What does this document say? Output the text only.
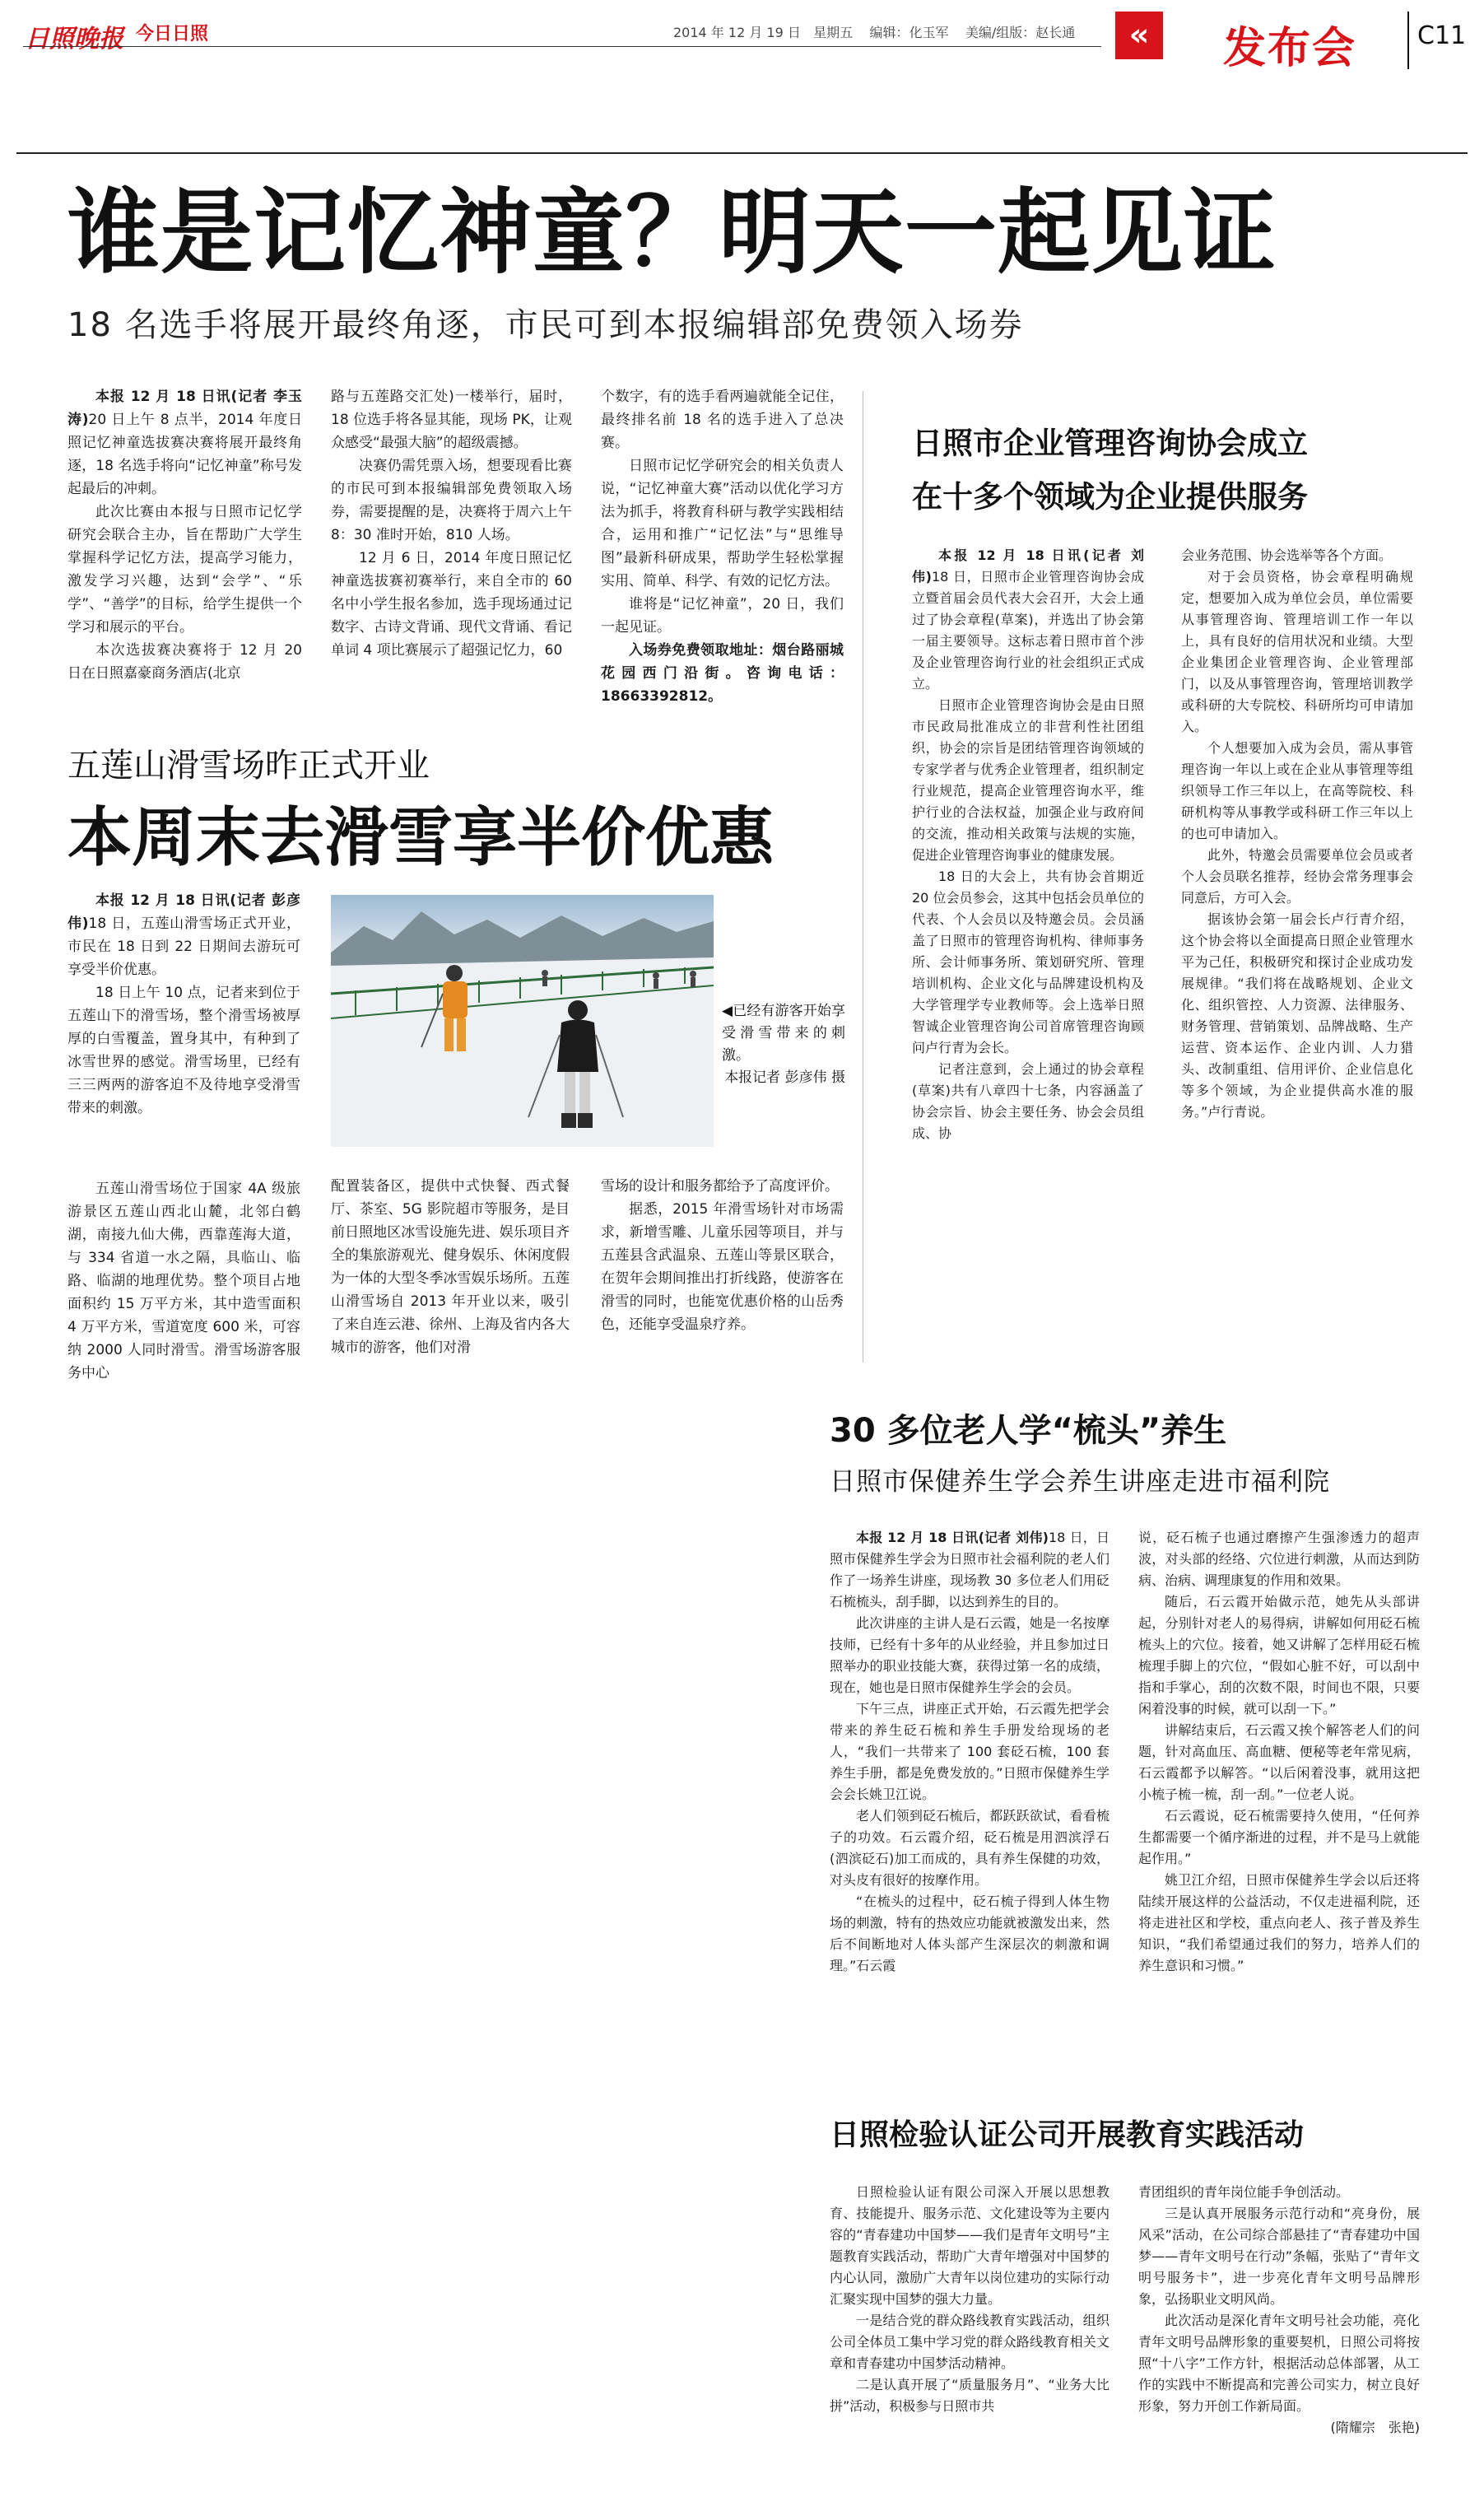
日照晚报 今日日照	2014 年 12 月 19 日 星期五 编辑：化玉军 美编/组版：赵长通	«	发布会 C11
谁是记忆神童？明天一起见证
18 名选手将展开最终角逐，市民可到本报编辑部免费领入场券

本报 12 月 18 日讯(记者 李玉涛)20 日上午 8 点半，2014 年度日照记忆神童选拔赛决赛将展开最终角逐，18 名选手将向“记忆神童”称号发起最后的冲刺。

此次比赛由本报与日照市记忆学研究会联合主办，旨在帮助广大学生掌握科学记忆方法，提高学习能力，激发学习兴趣，达到“会学”、“乐学”、“善学”的目标，给学生提供一个学习和展示的平台。

本次选拔赛决赛将于 12 月 20 日在日照嘉豪商务酒店(北京

路与五莲路交汇处)一楼举行，届时，18 位选手将各显其能，现场 PK，让观众感受“最强大脑”的超级震撼。

决赛仍需凭票入场，想要现看比赛的市民可到本报编辑部免费领取入场券，需要提醒的是，决赛将于周六上午 8：30 准时开始，810 人场。

12 月 6 日，2014 年度日照记忆神童选拔赛初赛举行，来自全市的 60 名中小学生报名参加，选手现场通过记数字、古诗文背诵、现代文背诵、看记单词 4 项比赛展示了超强记忆力，60

个数字，有的选手看两遍就能全记住，最终排名前 18 名的选手进入了总决赛。

日照市记忆学研究会的相关负责人说，“记忆神童大赛”活动以优化学习方法为抓手，将教育科研与教学实践相结合，运用和推广“记忆法”与“思维导图”最新科研成果，帮助学生轻松掌握实用、简单、科学、有效的记忆方法。

谁将是“记忆神童”，20 日，我们一起见证。

入场券免费领取地址：烟台路丽城花园西门沿街。咨询电话：18663392812。

五莲山滑雪场昨正式开业
本周末去滑雪享半价优惠

本报 12 月 18 日讯(记者 彭彦伟)18 日，五莲山滑雪场正式开业，市民在 18 日到 22 日期间去游玩可享受半价优惠。

18 日上午 10 点，记者来到位于五莲山下的滑雪场，整个滑雪场被厚厚的白雪覆盖，置身其中，有种到了冰雪世界的感觉。滑雪场里，已经有三三两两的游客迫不及待地享受滑雪带来的刺激。

◀已经有游客开始享受滑雪带来的刺激。
本报记者 彭彦伟 摄

五莲山滑雪场位于国家 4A 级旅游景区五莲山西北山麓，北邻白鹤湖，南接九仙大佛，西靠莲海大道，与 334 省道一水之隔，具临山、临路、临湖的地理优势。整个项目占地面积约 15 万平方米，其中造雪面积 4 万平方米，雪道宽度 600 米，可容纳 2000 人同时滑雪。滑雪场游客服务中心

配置装备区，提供中式快餐、西式餐厅、茶室、5G 影院超市等服务，是目前日照地区冰雪设施先进、娱乐项目齐全的集旅游观光、健身娱乐、休闲度假为一体的大型冬季冰雪娱乐场所。五莲山滑雪场自 2013 年开业以来，吸引了来自连云港、徐州、上海及省内各大城市的游客，他们对滑

雪场的设计和服务都给予了高度评价。

据悉，2015 年滑雪场针对市场需求，新增雪雕、儿童乐园等项目，并与五莲县含武温泉、五莲山等景区联合，在贺年会期间推出打折线路，使游客在滑雪的同时，也能宽优惠价格的山岳秀色，还能享受温泉疗养。

日照市企业管理咨询协会成立
在十多个领域为企业提供服务

本报 12 月 18 日讯(记者 刘伟)18 日，日照市企业管理咨询协会成立暨首届会员代表大会召开，大会上通过了协会章程(草案)，并选出了协会第一届主要领导。这标志着日照市首个涉及企业管理咨询行业的社会组织正式成立。

日照市企业管理咨询协会是由日照市民政局批准成立的非营利性社团组织，协会的宗旨是团结管理咨询领域的专家学者与优秀企业管理者，组织制定行业规范，提高企业管理咨询水平，维护行业的合法权益，加强企业与政府间的交流，推动相关政策与法规的实施，促进企业管理咨询事业的健康发展。

18 日的大会上，共有协会首期近 20 位会员参会，这其中包括会员单位的代表、个人会员以及特邀会员。会员涵盖了日照市的管理咨询机构、律师事务所、会计师事务所、策划研究所、管理培训机构、企业文化与品牌建设机构及大学管理学专业教师等。会上选举日照智诚企业管理咨询公司首席管理咨询顾问卢行青为会长。

记者注意到，会上通过的协会章程(草案)共有八章四十七条，内容涵盖了协会宗旨、协会主要任务、协会会员组成、协

会业务范围、协会选举等各个方面。

对于会员资格，协会章程明确规定，想要加入成为单位会员，单位需要从事管理咨询、管理培训工作一年以上，具有良好的信用状况和业绩。大型企业集团企业管理咨询、企业管理部门，以及从事管理咨询，管理培训教学或科研的大专院校、科研所均可申请加入。

个人想要加入成为会员，需从事管理咨询一年以上或在企业从事管理等组织领导工作三年以上，在高等院校、科研机构等从事教学或科研工作三年以上的也可申请加入。

此外，特邀会员需要单位会员或者个人会员联名推荐，经协会常务理事会同意后，方可入会。

据该协会第一届会长卢行青介绍，这个协会将以全面提高日照企业管理水平为己任，积极研究和探讨企业成功发展规律。“我们将在战略规划、企业文化、组织管控、人力资源、法律服务、财务管理、营销策划、品牌战略、生产运营、资本运作、企业内训、人力猎头、改制重组、信用评价、企业信息化等多个领域，为企业提供高水准的服务。”卢行青说。

30 多位老人学“梳头”养生
日照市保健养生学会养生讲座走进市福利院

本报 12 月 18 日讯(记者 刘伟)18 日，日照市保健养生学会为日照市社会福利院的老人们作了一场养生讲座，现场教 30 多位老人们用砭石梳梳头，刮手脚，以达到养生的目的。

此次讲座的主讲人是石云霞，她是一名按摩技师，已经有十多年的从业经验，并且参加过日照举办的职业技能大赛，获得过第一名的成绩，现在，她也是日照市保健养生学会的会员。

下午三点，讲座正式开始，石云霞先把学会带来的养生砭石梳和养生手册发给现场的老人，“我们一共带来了 100 套砭石梳，100 套养生手册，都是免费发放的。”日照市保健养生学会会长姚卫江说。

老人们领到砭石梳后，都跃跃欲试，看看梳子的功效。石云霞介绍，砭石梳是用泗滨浮石(泗滨砭石)加工而成的，具有养生保健的功效，对头皮有很好的按摩作用。

“在梳头的过程中，砭石梳子得到人体生物场的刺激，特有的热效应功能就被激发出来，然后不间断地对人体头部产生深层次的刺激和调理。”石云霞

说，砭石梳子也通过磨擦产生强渗透力的超声波，对头部的经络、穴位进行刺激，从而达到防病、治病、调理康复的作用和效果。

随后，石云霞开始做示范，她先从头部讲起，分别针对老人的易得病，讲解如何用砭石梳梳头上的穴位。接着，她又讲解了怎样用砭石梳梳理手脚上的穴位，“假如心脏不好，可以刮中指和手掌心，刮的次数不限，时间也不限，只要闲着没事的时候，就可以刮一下。”

讲解结束后，石云霞又挨个解答老人们的问题，针对高血压、高血糖、便秘等老年常见病，石云霞都予以解答。“以后闲着没事，就用这把小梳子梳一梳，刮一刮。”一位老人说。

石云霞说，砭石梳需要持久使用，“任何养生都需要一个循序渐进的过程，并不是马上就能起作用。”

姚卫江介绍，日照市保健养生学会以后还将陆续开展这样的公益活动，不仅走进福利院，还将走进社区和学校，重点向老人、孩子普及养生知识，“我们希望通过我们的努力，培养人们的养生意识和习惯。”

日照检验认证公司开展教育实践活动

日照检验认证有限公司深入开展以思想教育、技能提升、服务示范、文化建设等为主要内容的“青春建功中国梦——我们是青年文明号”主题教育实践活动，帮助广大青年增强对中国梦的内心认同，激励广大青年以岗位建功的实际行动汇聚实现中国梦的强大力量。

一是结合党的群众路线教育实践活动，组织公司全体员工集中学习党的群众路线教育相关文章和青春建功中国梦活动精神。

二是认真开展了“质量服务月”、“业务大比拼”活动，积极参与日照市共

青团组织的青年岗位能手争创活动。

三是认真开展服务示范行动和“亮身份，展风采”活动，在公司综合部悬挂了“青春建功中国梦——青年文明号在行动”条幅，张贴了“青年文明号服务卡”，进一步亮化青年文明号品牌形象，弘扬职业文明风尚。

此次活动是深化青年文明号社会功能，亮化青年文明号品牌形象的重要契机，日照公司将按照“十八字”工作方针，根据活动总体部署，从工作的实践中不断提高和完善公司实力，树立良好形象，努力开创工作新局面。

(隋耀宗　张艳)
